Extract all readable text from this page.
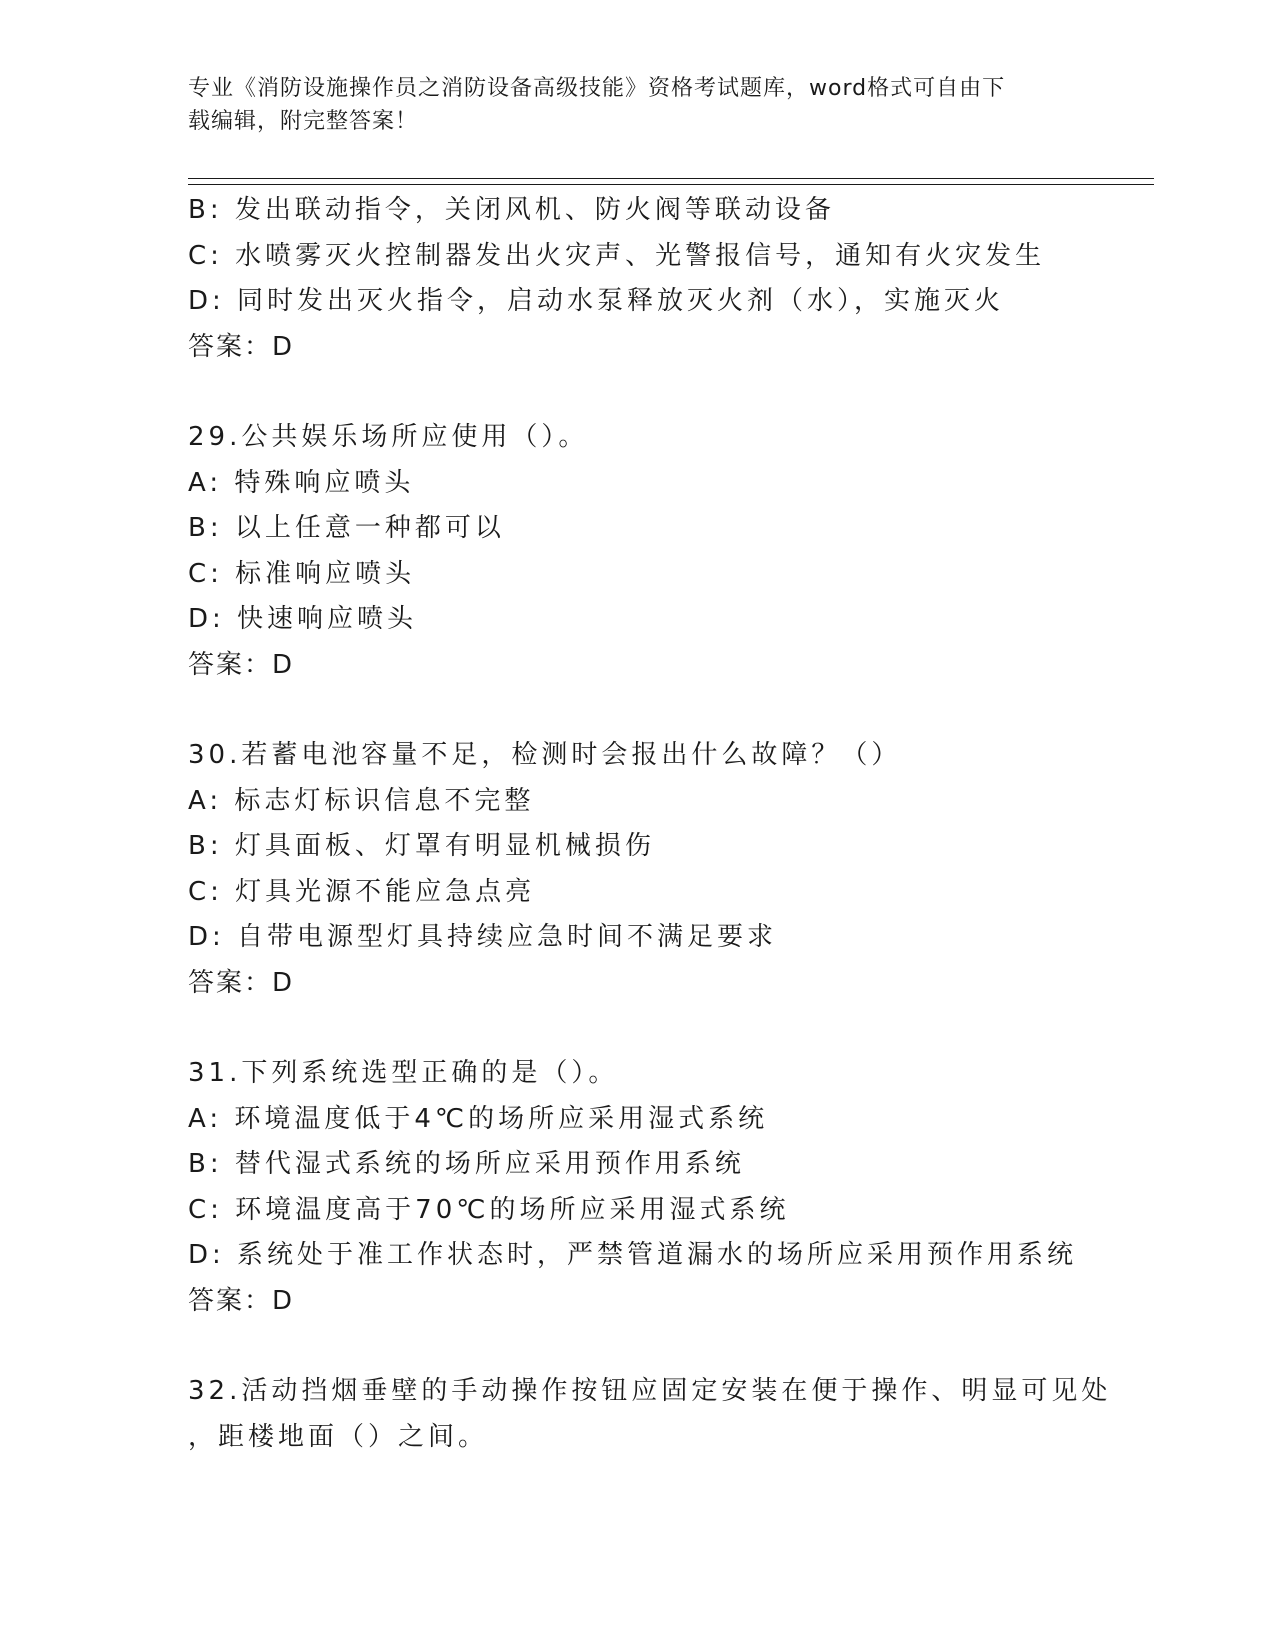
专业《消防设施操作员之消防设备高级技能》资格考试题库，word格式可自由下
载编辑，附完整答案！
B: 发出联动指令，关闭风机、防火阀等联动设备
C: 水喷雾灭火控制器发出火灾声、光警报信号，通知有火灾发生
D: 同时发出灭火指令，启动水泵释放灭火剂（水），实施灭火
答案：D
29.公共娱乐场所应使用（）。
A: 特殊响应喷头
B: 以上任意一种都可以
C: 标准响应喷头
D: 快速响应喷头
答案：D
30.若蓄电池容量不足，检测时会报出什么故障？（）
A: 标志灯标识信息不完整
B: 灯具面板、灯罩有明显机械损伤
C: 灯具光源不能应急点亮
D: 自带电源型灯具持续应急时间不满足要求
答案：D
31.下列系统选型正确的是（）。
A: 环境温度低于4℃的场所应采用湿式系统
B: 替代湿式系统的场所应采用预作用系统
C: 环境温度高于70℃的场所应采用湿式系统
D: 系统处于准工作状态时，严禁管道漏水的场所应采用预作用系统
答案：D
32.活动挡烟垂壁的手动操作按钮应固定安装在便于操作、明显可见处
，距楼地面（）之间。
